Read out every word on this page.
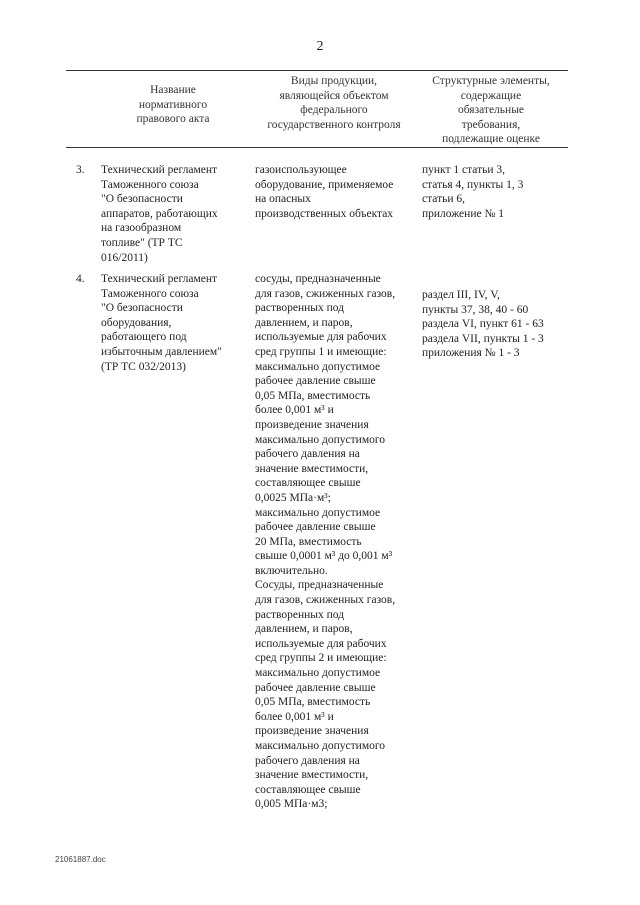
2
Название
нормативного
правового акта
Виды продукции,
являющейся объектом
федерального
государственного контроля
Структурные элементы,
содержащие
обязательные
требования,
подлежащие оценке
3. Технический регламент
Таможенного союза
"О безопасности
аппаратов, работающих
на газообразном
топливе" (ТР ТС
016/2011)
газоиспользующее
оборудование, применяемое
на опасных
производственных объектах
пункт 1 статьи 3,
статья 4, пункты 1, 3
статьи 6,
приложение № 1
4. Технический регламент
Таможенного союза
"О безопасности
оборудования,
работающего под
избыточным давлением"
(ТР ТС 032/2013)
сосуды, предназначенные
для газов, сжиженных газов,
растворенных под
давлением, и паров,
используемые для рабочих
сред группы 1 и имеющие:
максимально допустимое
рабочее давление свыше
0,05 МПа, вместимость
более 0,001 м³ и
произведение значения
максимально допустимого
рабочего давления на
значение вместимости,
составляющее свыше
0,0025 МПа·м³;
максимально допустимое
рабочее давление свыше
20 МПа, вместимость
свыше 0,0001 м³ до 0,001 м³
включительно.
Сосуды, предназначенные
для газов, сжиженных газов,
растворенных под
давлением, и паров,
используемые для рабочих
сред группы 2 и имеющие:
максимально допустимое
рабочее давление свыше
0,05 МПа, вместимость
более 0,001 м³ и
произведение значения
максимально допустимого
рабочего давления на
значение вместимости,
составляющее свыше
0,005 МПа·м3;
раздел III, IV, V,
пункты 37, 38, 40 - 60
раздела VI, пункт 61 - 63
раздела VII, пункты 1 - 3
приложения № 1 - 3
21061887.doc
